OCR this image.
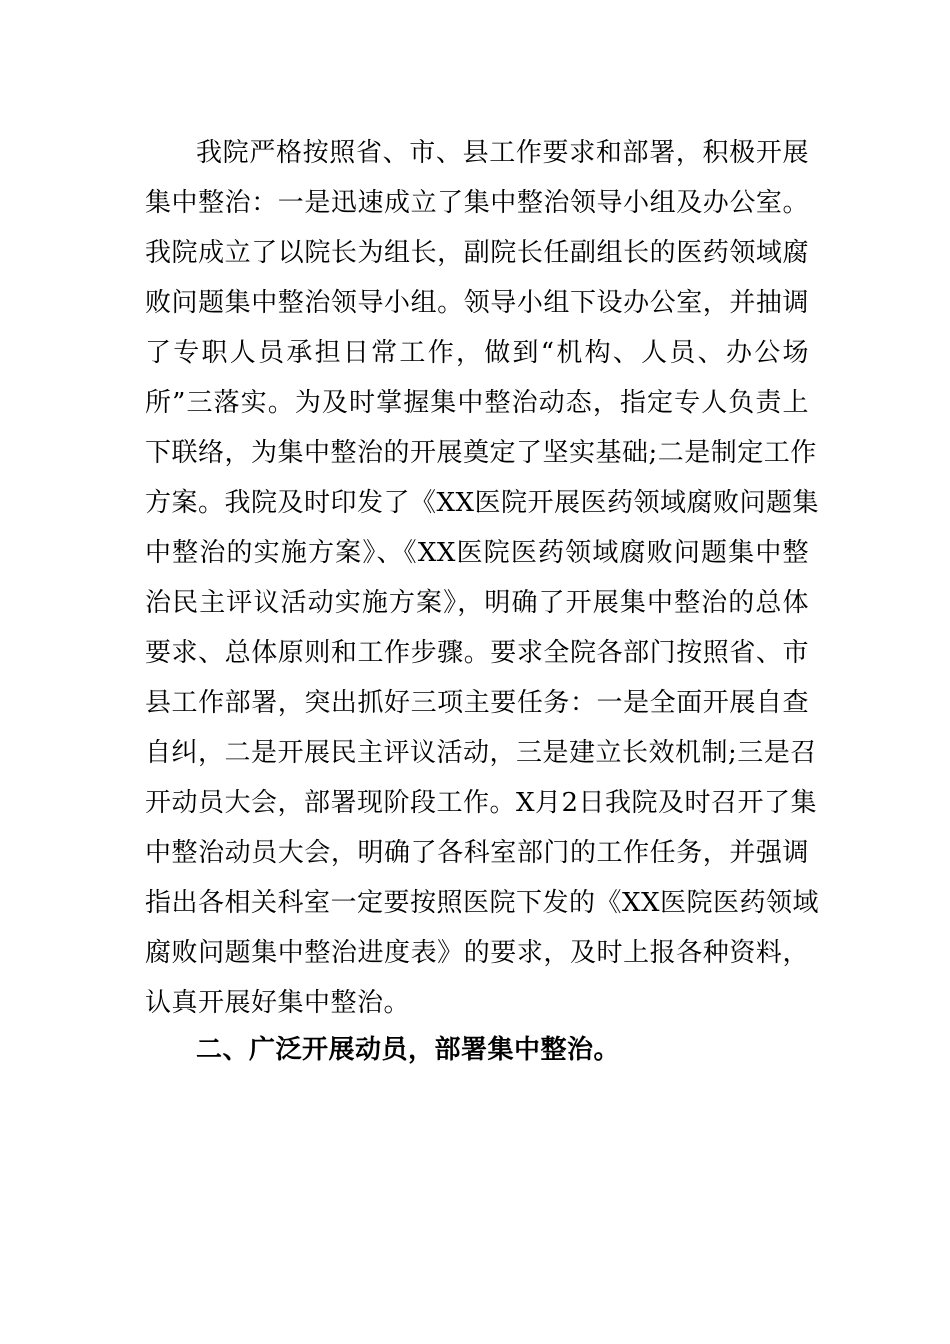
我院严格按照省、市、县工作要求和部署，积极开展
集中整治：一是迅速成立了集中整治领导小组及办公室。
我院成立了以院长为组长，副院长任副组长的医药领域腐
败问题集中整治领导小组。领导小组下设办公室，并抽调
了专职人员承担日常工作，做到“机构、人员、办公场
所”三落实。为及时掌握集中整治动态，指定专人负责上
下联络，为集中整治的开展奠定了坚实基础;二是制定工作
方案。我院及时印发了《XX医院开展医药领域腐败问题集
中整治的实施方案》、《XX医院医药领域腐败问题集中整
治民主评议活动实施方案》，明确了开展集中整治的总体
要求、总体原则和工作步骤。要求全院各部门按照省、市
县工作部署，突出抓好三项主要任务：一是全面开展自查
自纠，二是开展民主评议活动，三是建立长效机制;三是召
开动员大会，部署现阶段工作。X月2日我院及时召开了集
中整治动员大会，明确了各科室部门的工作任务，并强调
指出各相关科室一定要按照医院下发的《XX医院医药领域
腐败问题集中整治进度表》的要求，及时上报各种资料，
认真开展好集中整治。
二、广泛开展动员，部署集中整治。
